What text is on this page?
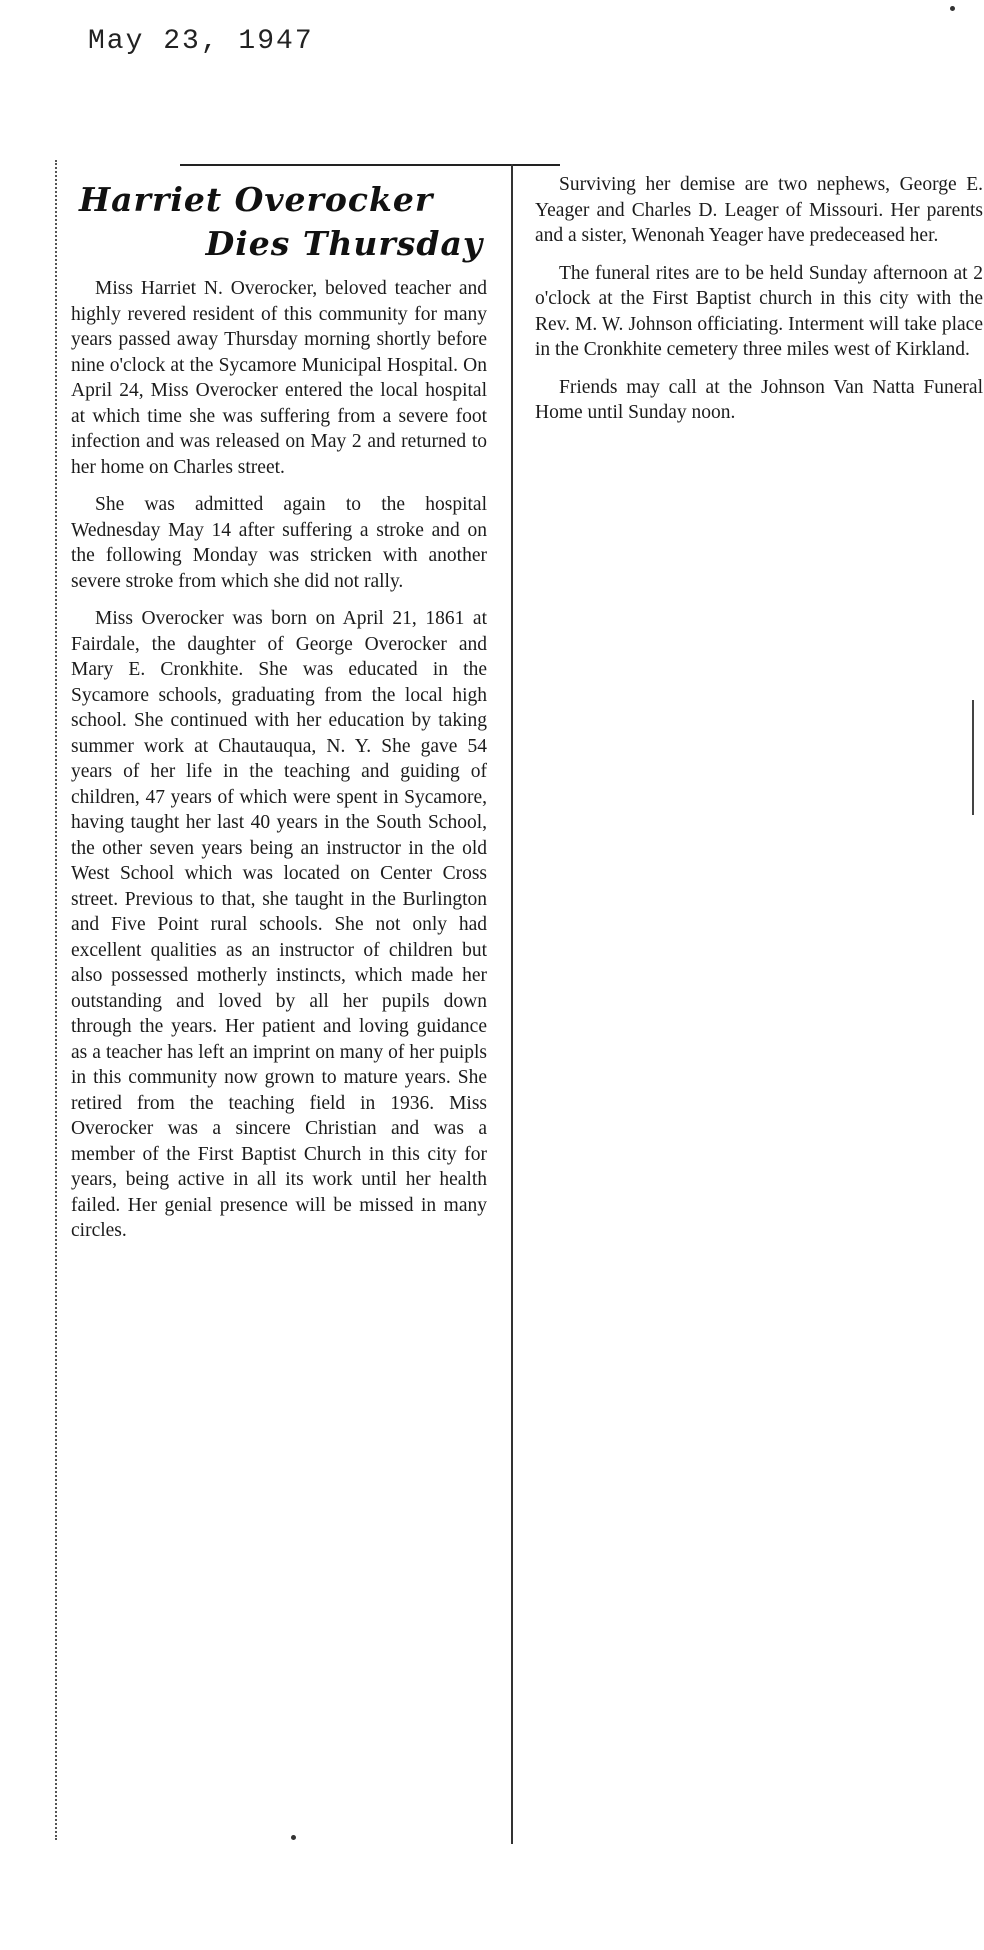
May 23, 1947
Harriet Overocker
Dies Thursday

Miss Harriet N. Overocker, beloved teacher and highly revered resident of this community for many years passed away Thursday morning shortly before nine o'clock at the Sycamore Municipal Hospital. On April 24, Miss Overocker entered the local hospital at which time she was suffering from a severe foot infection and was released on May 2 and returned to her home on Charles street.

She was admitted again to the hospital Wednesday May 14 after suffering a stroke and on the following Monday was stricken with another severe stroke from which she did not rally.

Miss Overocker was born on April 21, 1861 at Fairdale, the daughter of George Overocker and Mary E. Cronkhite. She was educated in the Sycamore schools, graduating from the local high school. She continued with her education by taking summer work at Chautauqua, N. Y. She gave 54 years of her life in the teaching and guiding of children, 47 years of which were spent in Sycamore, having taught her last 40 years in the South School, the other seven years being an instructor in the old West School which was located on Center Cross street. Previous to that, she taught in the Burlington and Five Point rural schools. She not only had excellent qualities as an instructor of children but also possessed motherly instincts, which made her outstanding and loved by all her pupils down through the years. Her patient and loving guidance as a teacher has left an imprint on many of her puipls in this community now grown to mature years. She retired from the teaching field in 1936. Miss Overocker was a sincere Christian and was a member of the First Baptist Church in this city for years, being active in all its work until her health failed. Her genial presence will be missed in many circles.

Surviving her demise are two nephews, George E. Yeager and Charles D. Leager of Missouri. Her parents and a sister, Wenonah Yeager have predeceased her.

The funeral rites are to be held Sunday afternoon at 2 o'clock at the First Baptist church in this city with the Rev. M. W. Johnson officiating. Interment will take place in the Cronkhite cemetery three miles west of Kirkland.

Friends may call at the Johnson Van Natta Funeral Home until Sunday noon.
